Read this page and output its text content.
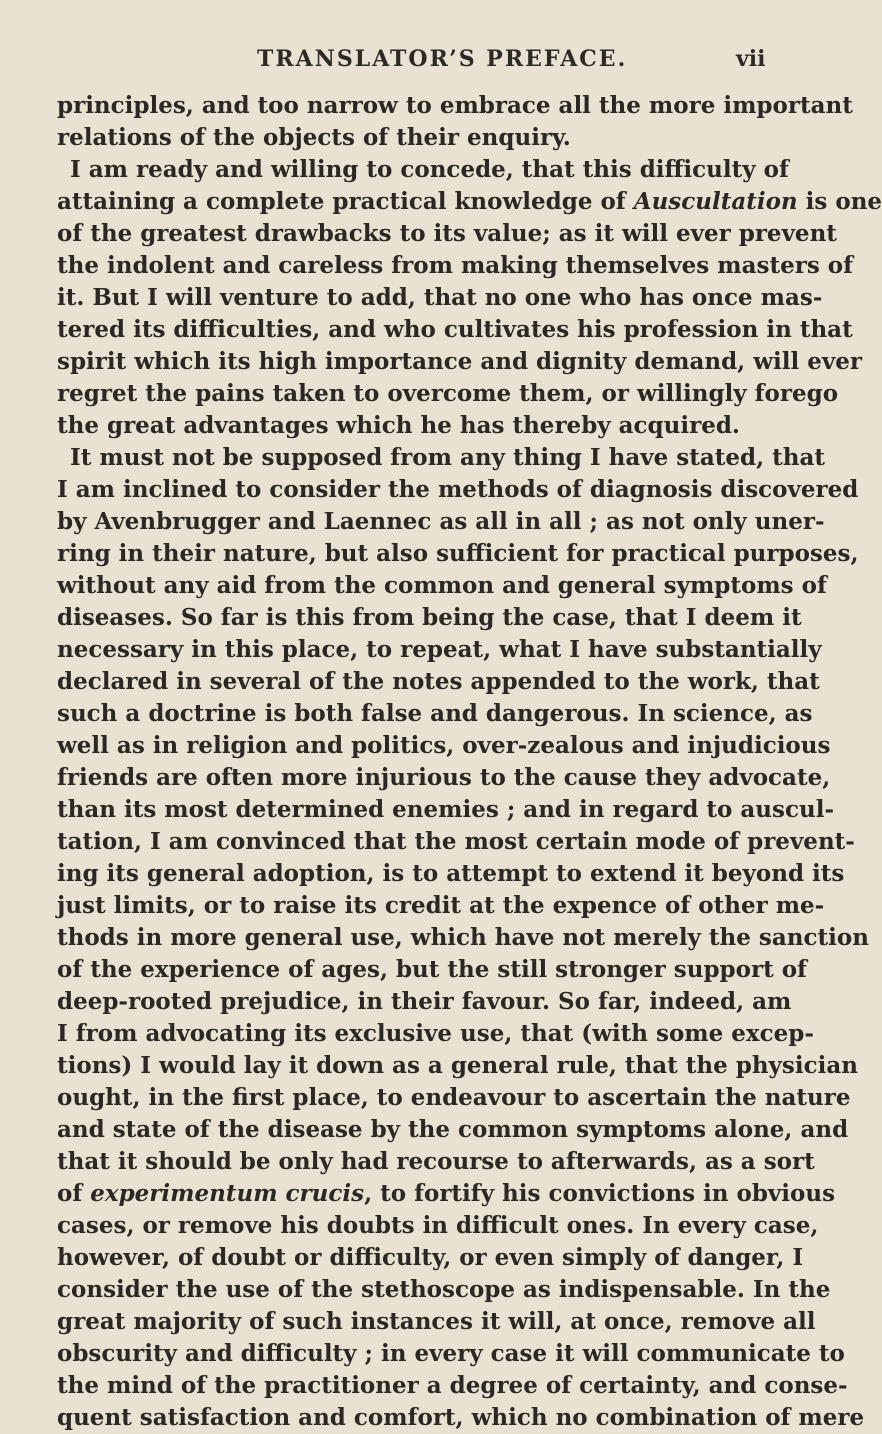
TRANSLATOR’S PREFACE.	vii
principles, and too narrow to embrace all the more important
relations of the objects of their enquiry.
I am ready and willing to concede, that this difficulty of
attaining a complete practical knowledge of Auscultation is one
of the greatest drawbacks to its value; as it will ever prevent
the indolent and careless from making themselves masters of
it. But I will venture to add, that no one who has once mas-
tered its difficulties, and who cultivates his profession in that
spirit which its high importance and dignity demand, will ever
regret the pains taken to overcome them, or willingly forego
the great advantages which he has thereby acquired.
It must not be supposed from any thing I have stated, that
I am inclined to consider the methods of diagnosis discovered
by Avenbrugger and Laennec as all in all ; as not only uner-
ring in their nature, but also sufficient for practical purposes,
without any aid from the common and general symptoms of
diseases. So far is this from being the case, that I deem it
necessary in this place, to repeat, what I have substantially
declared in several of the notes appended to the work, that
such a doctrine is both false and dangerous. In science, as
well as in religion and politics, over-zealous and injudicious
friends are often more injurious to the cause they advocate,
than its most determined enemies ; and in regard to auscul-
tation, I am convinced that the most certain mode of prevent-
ing its general adoption, is to attempt to extend it beyond its
just limits, or to raise its credit at the expence of other me-
thods in more general use, which have not merely the sanction
of the experience of ages, but the still stronger support of
deep-rooted prejudice, in their favour. So far, indeed, am
I from advocating its exclusive use, that (with some excep-
tions) I would lay it down as a general rule, that the physician
ought, in the first place, to endeavour to ascertain the nature
and state of the disease by the common symptoms alone, and
that it should be only had recourse to afterwards, as a sort
of experimentum crucis, to fortify his convictions in obvious
cases, or remove his doubts in difficult ones. In every case,
however, of doubt or difficulty, or even simply of danger, I
consider the use of the stethoscope as indispensable. In the
great majority of such instances it will, at once, remove all
obscurity and difficulty ; in every case it will communicate to
the mind of the practitioner a degree of certainty, and conse-
quent satisfaction and comfort, which no combination of mere
